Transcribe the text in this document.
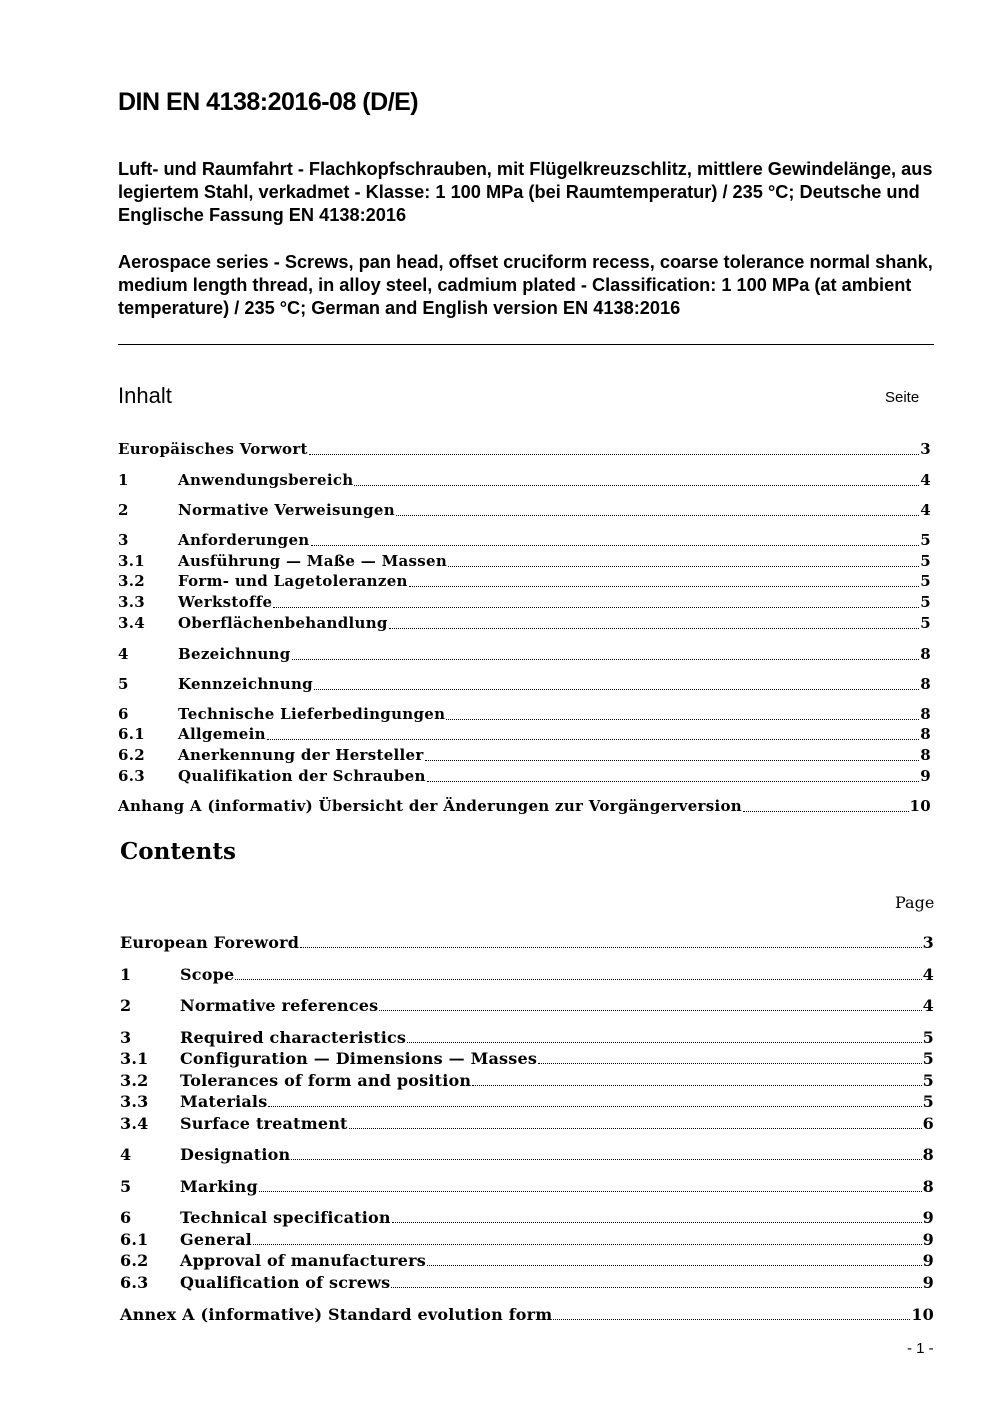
DIN EN 4138:2016-08 (D/E)
Luft- und Raumfahrt - Flachkopfschrauben, mit Flügelkreuzschlitz, mittlere Gewindelänge, aus legiertem Stahl, verkadmet - Klasse: 1 100 MPa (bei Raumtemperatur) / 235 °C; Deutsche und Englische Fassung EN 4138:2016
Aerospace series - Screws, pan head, offset cruciform recess, coarse tolerance normal shank, medium length thread, in alloy steel, cadmium plated - Classification: 1 100 MPa (at ambient temperature) / 235 °C; German and English version EN 4138:2016
Inhalt	Seite
Europäisches Vorwort	3
1	Anwendungsbereich	4
2	Normative Verweisungen	4
3	Anforderungen	5
3.1	Ausführung — Maße — Massen	5
3.2	Form- und Lagetoleranzen	5
3.3	Werkstoffe	5
3.4	Oberflächenbehandlung	5
4	Bezeichnung	8
5	Kennzeichnung	8
6	Technische Lieferbedingungen	8
6.1	Allgemein	8
6.2	Anerkennung der Hersteller	8
6.3	Qualifikation der Schrauben	9
Anhang A (informativ) Übersicht der Änderungen zur Vorgängerversion	10
Contents
Page
European Foreword	3
1	Scope	4
2	Normative references	4
3	Required characteristics	5
3.1	Configuration — Dimensions — Masses	5
3.2	Tolerances of form and position	5
3.3	Materials	5
3.4	Surface treatment	6
4	Designation	8
5	Marking	8
6	Technical specification	9
6.1	General	9
6.2	Approval of manufacturers	9
6.3	Qualification of screws	9
Annex A (informative) Standard evolution form	10
- 1 -
